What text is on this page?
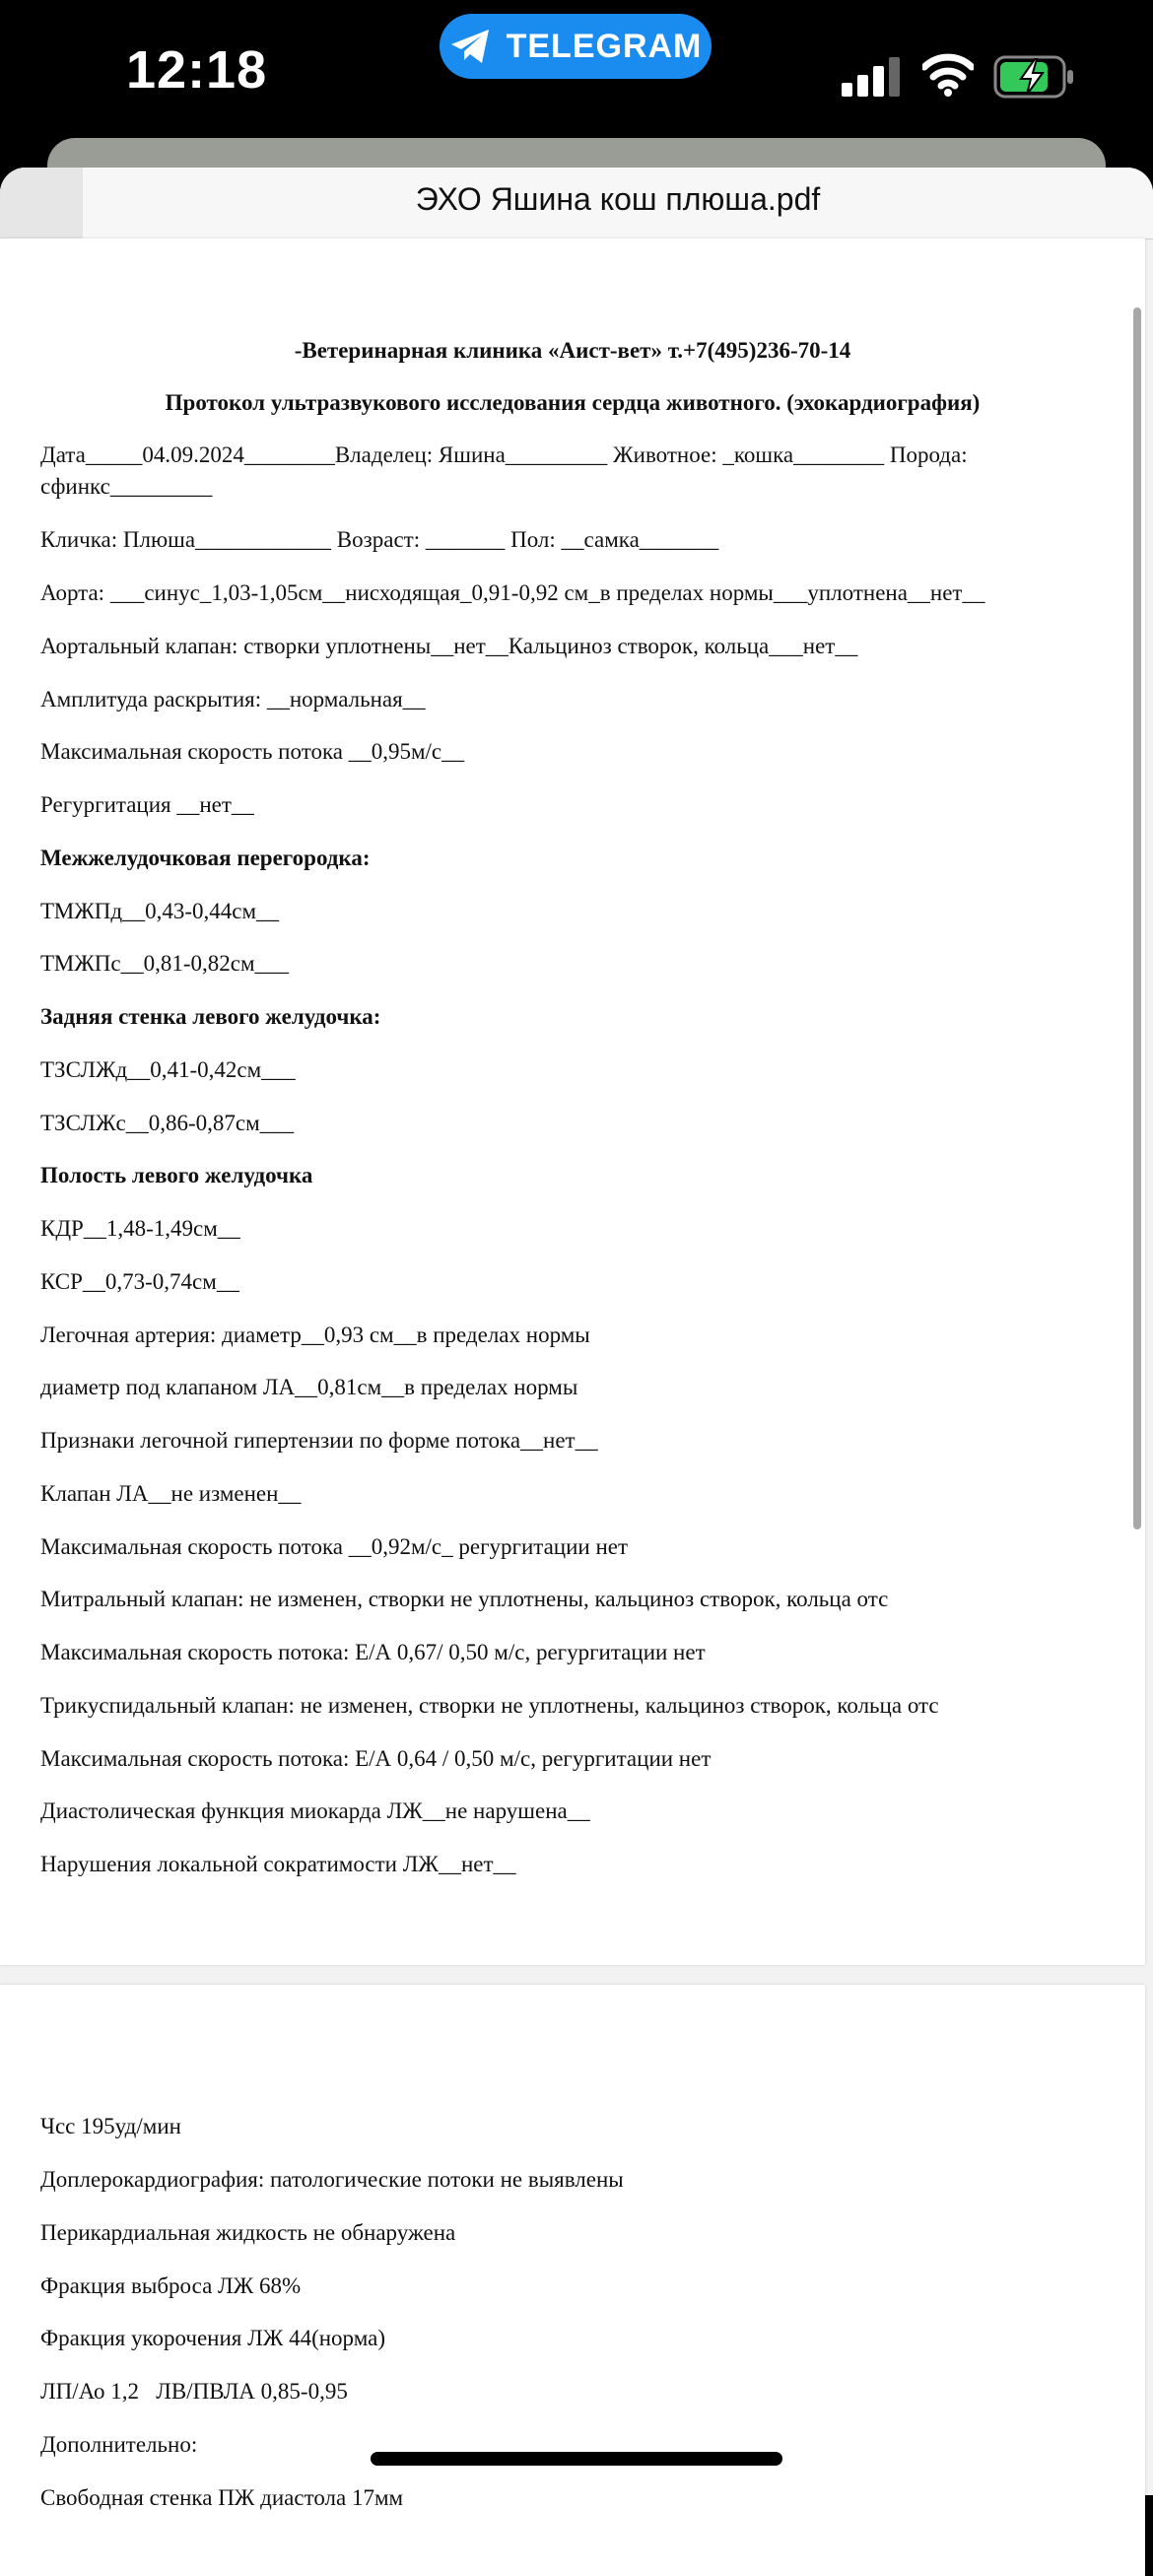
12:18	TELEGRAM
ЭХО Яшина кош плюша.pdf
-Ветеринарная клиника «Аист-вет» т.+7(495)236-70-14
Протокол ультразвукового исследования сердца животного. (эхокардиография)
Дата_____04.09.2024________Владелец: Яшина_________ Животное: _кошка________ Порода:
сфинкс_________
Кличка: Плюша____________ Возраст: _______ Пол: __самка_______
Аорта: ___синус_1,03-1,05см__нисходящая_0,91-0,92 см_в пределах нормы___уплотнена__нет__
Аортальный клапан: створки уплотнены__нет__Кальциноз створок, кольца___нет__
Амплитуда раскрытия: __нормальная__
Максимальная скорость потока __0,95м/с__
Регургитация __нет__
Межжелудочковая перегородка:
ТМЖПд__0,43-0,44см__
ТМЖПс__0,81-0,82см___
Задняя стенка левого желудочка:
ТЗСЛЖд__0,41-0,42см___
ТЗСЛЖс__0,86-0,87см___
Полость левого желудочка
КДР__1,48-1,49см__
КСР__0,73-0,74см__
Легочная артерия: диаметр__0,93 см__в пределах нормы
диаметр под клапаном ЛА__0,81см__в пределах нормы
Признаки легочной гипертензии по форме потока__нет__
Клапан ЛА__не изменен__
Максимальная скорость потока __0,92м/с_ регургитации нет
Митральный клапан: не изменен, створки не уплотнены, кальциноз створок, кольца отс
Максимальная скорость потока: Е/А 0,67/ 0,50 м/с, регургитации нет
Трикуспидальный клапан: не изменен, створки не уплотнены, кальциноз створок, кольца отс
Максимальная скорость потока: Е/А 0,64 / 0,50 м/с, регургитации нет
Диастолическая функция миокарда ЛЖ__не нарушена__
Нарушения локальной сократимости ЛЖ__нет__
Чсс 195уд/мин
Доплерокардиография: патологические потоки не выявлены
Перикардиальная жидкость не обнаружена
Фракция выброса ЛЖ 68%
Фракция укорочения ЛЖ 44(норма)
ЛП/Ао 1,2   ЛВ/ПВЛА 0,85-0,95
Дополнительно:
Свободная стенка ПЖ диастола 17мм
